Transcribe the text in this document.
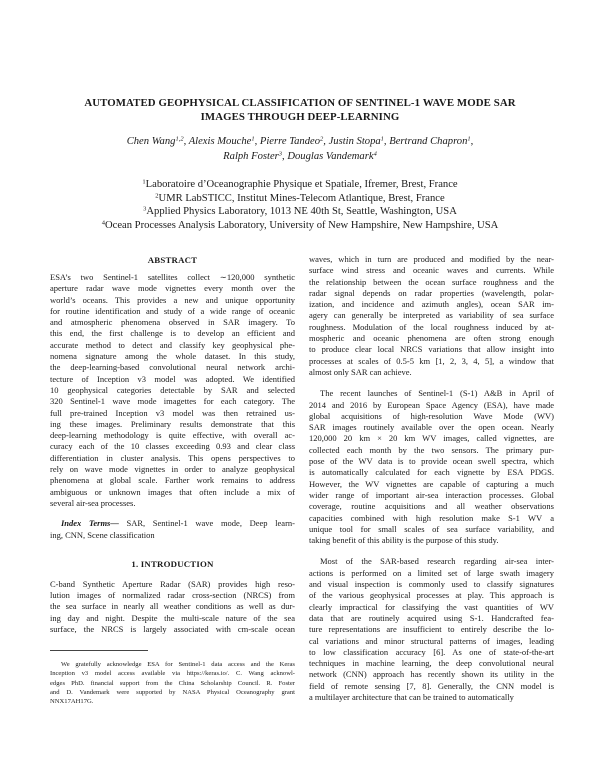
AUTOMATED GEOPHYSICAL CLASSIFICATION OF SENTINEL-1 WAVE MODE SAR
IMAGES THROUGH DEEP-LEARNING
Chen Wang$^{1,2}$, Alexis Mouche$^1$, Pierre Tandeo$^2$, Justin Stopa$^1$, Bertrand Chapron$^1$,
Ralph Foster$^3$, Douglas Vandemark$^4$
$^1$Laboratoire d’Oceanographie Physique et Spatiale, Ifremer, Brest, France
$^2$UMR LabSTICC, Institut Mines-Telecom Atlantique, Brest, France
$^3$Applied Physics Laboratory, 1013 NE 40th St, Seattle, Washington, USA
$^4$Ocean Processes Analysis Laboratory, University of New Hampshire, New Hampshire, USA
ABSTRACT
ESA’s two Sentinel-1 satellites collect ∼120,000 synthetic
aperture radar wave mode vignettes every month over the
world’s oceans. This provides a new and unique opportunity
for routine identification and study of a wide range of oceanic
and atmospheric phenomena observed in SAR imagery. To
this end, the first challenge is to develop an efficient and
accurate method to detect and classify key geophysical phe-
nomena signature among the whole dataset. In this study,
the deep-learning-based convolutional neural network archi-
tecture of Inception v3 model was adopted. We identified
10 geophysical categories detectable by SAR and selected
320 Sentinel-1 wave mode imagettes for each category. The
full pre-trained Inception v3 model was then retrained us-
ing these images. Preliminary results demonstrate that this
deep-learning methodology is quite effective, with overall ac-
curacy each of the 10 classes exceeding 0.93 and clear class
differentiation in cluster analysis. This opens perspectives to
rely on wave mode vignettes in order to analyze geophysical
phenomena at global scale. Farther work remains to address
ambiguous or unknown images that often include a mix of
several air-sea processes.
Index Terms— SAR, Sentinel-1 wave mode, Deep learn-
ing, CNN, Scene classification
1. INTRODUCTION
C-band Synthetic Aperture Radar (SAR) provides high reso-
lution images of normalized radar cross-section (NRCS) from
the sea surface in nearly all weather conditions as well as dur-
ing day and night. Despite the multi-scale nature of the sea
surface, the NRCS is largely associated with cm-scale ocean
We gratefully acknowledge ESA for Sentinel-1 data access and the Keras
Inception v3 model access available via https://keras.io/. C. Wang acknowl-
edges PhD. financial support from the China Scholarship Council. R. Foster
and D. Vandemark were supported by NASA Physical Oceanography grant
NNX17AH17G.
waves, which in turn are produced and modified by the near-
surface wind stress and oceanic waves and currents. While
the relationship between the ocean surface roughness and the
radar signal depends on radar properties (wavelength, polar-
ization, and incidence and azimuth angles), ocean SAR im-
agery can generally be interpreted as variability of sea surface
roughness. Modulation of the local roughness induced by at-
mospheric and oceanic phenomena are often strong enough
to produce clear local NRCS variations that allow insight into
processes at scales of 0.5-5 km [1, 2, 3, 4, 5], a window that
almost only SAR can achieve.
The recent launches of Sentinel-1 (S-1) A&B in April of
2014 and 2016 by European Space Agency (ESA), have made
global acquisitions of high-resolution Wave Mode (WV)
SAR images routinely available over the open ocean. Nearly
120,000 20 km × 20 km WV images, called vignettes, are
collected each month by the two sensors. The primary pur-
pose of the WV data is to provide ocean swell spectra, which
is automatically calculated for each vignette by ESA PDGS.
However, the WV vignettes are capable of capturing a much
wider range of important air-sea interaction processes. Global
coverage, routine acquisitions and all weather observations
capacities combined with high resolution make S-1 WV a
unique tool for small scales of sea surface variability, and
taking benefit of this ability is the purpose of this study.
Most of the SAR-based research regarding air-sea inter-
actions is performed on a limited set of large swath imagery
and visual inspection is commonly used to classify signatures
of the various geophysical processes at play. This approach is
clearly impractical for classifying the vast quantities of WV
data that are routinely acquired using S-1. Handcrafted fea-
ture representations are insufficient to entirely describe the lo-
cal variations and minor structural patterns of images, leading
to low classification accuracy [6]. As one of state-of-the-art
techniques in machine learning, the deep convolutional neural
network (CNN) approach has recently shown its utility in the
field of remote sensing [7, 8]. Generally, the CNN model is
a multilayer architecture that can be trained to automatically
